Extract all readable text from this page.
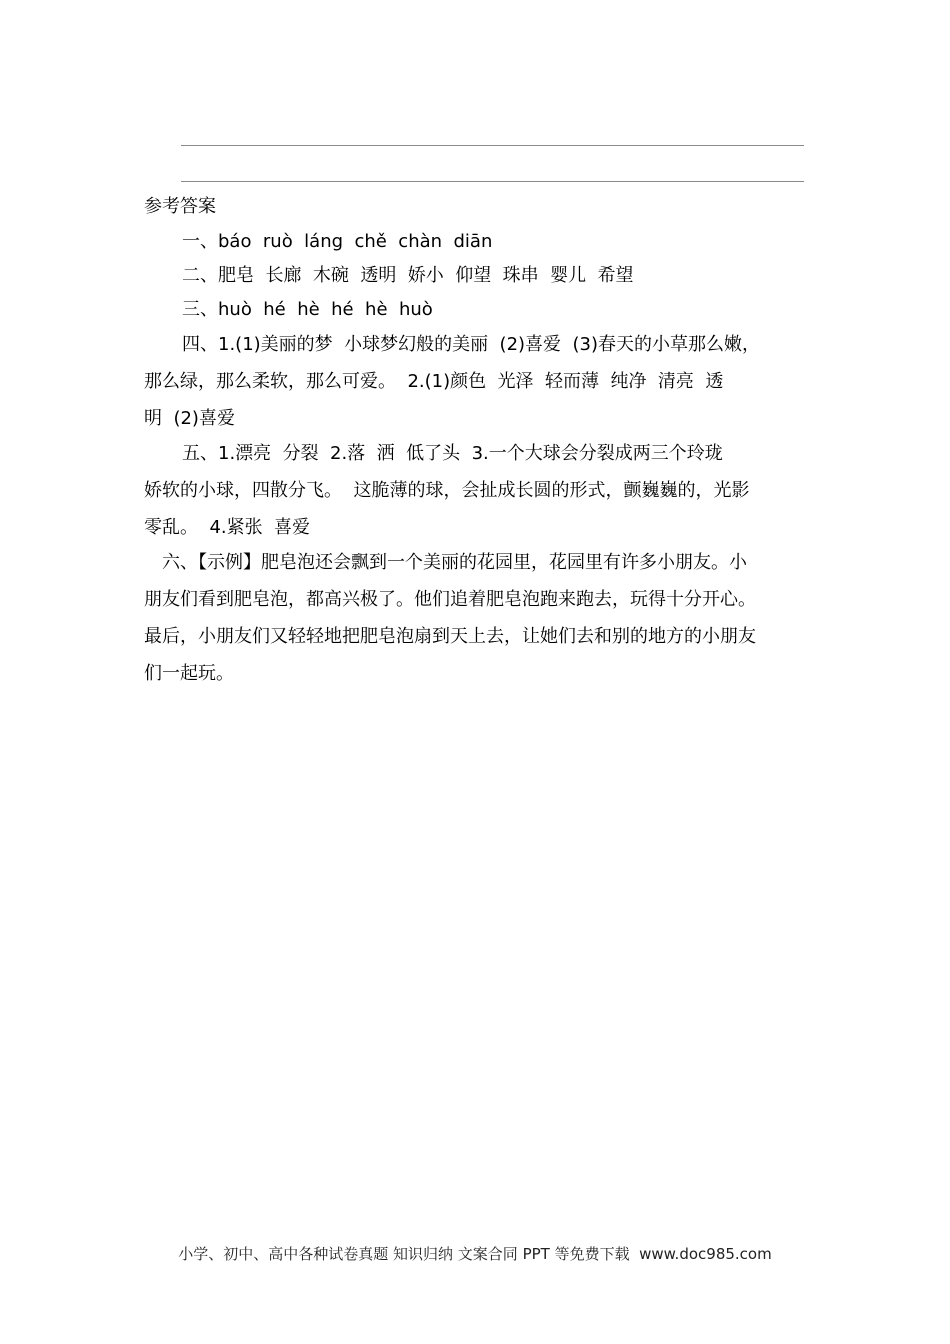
参考答案
一、báo  ruò  láng  chě  chàn  diān
二、肥皂  长廊  木碗  透明  娇小  仰望  珠串  婴儿  希望
三、huò  hé  hè  hé  hè  huò
四、1.(1)美丽的梦  小球梦幻般的美丽  (2)喜爱  (3)春天的小草那么嫩，
那么绿，那么柔软，那么可爱。  2.(1)颜色  光泽  轻而薄  纯净  清亮  透
明  (2)喜爱
五、1.漂亮  分裂  2.落  洒  低了头  3.一个大球会分裂成两三个玲珑
娇软的小球，四散分飞。  这脆薄的球，会扯成长圆的形式，颤巍巍的，光影
零乱。  4.紧张  喜爱
六、【示例】肥皂泡还会飘到一个美丽的花园里，花园里有许多小朋友。小
朋友们看到肥皂泡，都高兴极了。他们追着肥皂泡跑来跑去，玩得十分开心。
最后，小朋友们又轻轻地把肥皂泡扇到天上去，让她们去和别的地方的小朋友
们一起玩。
小学、初中、高中各种试卷真题 知识归纳 文案合同 PPT 等免费下载  www.doc985.com
